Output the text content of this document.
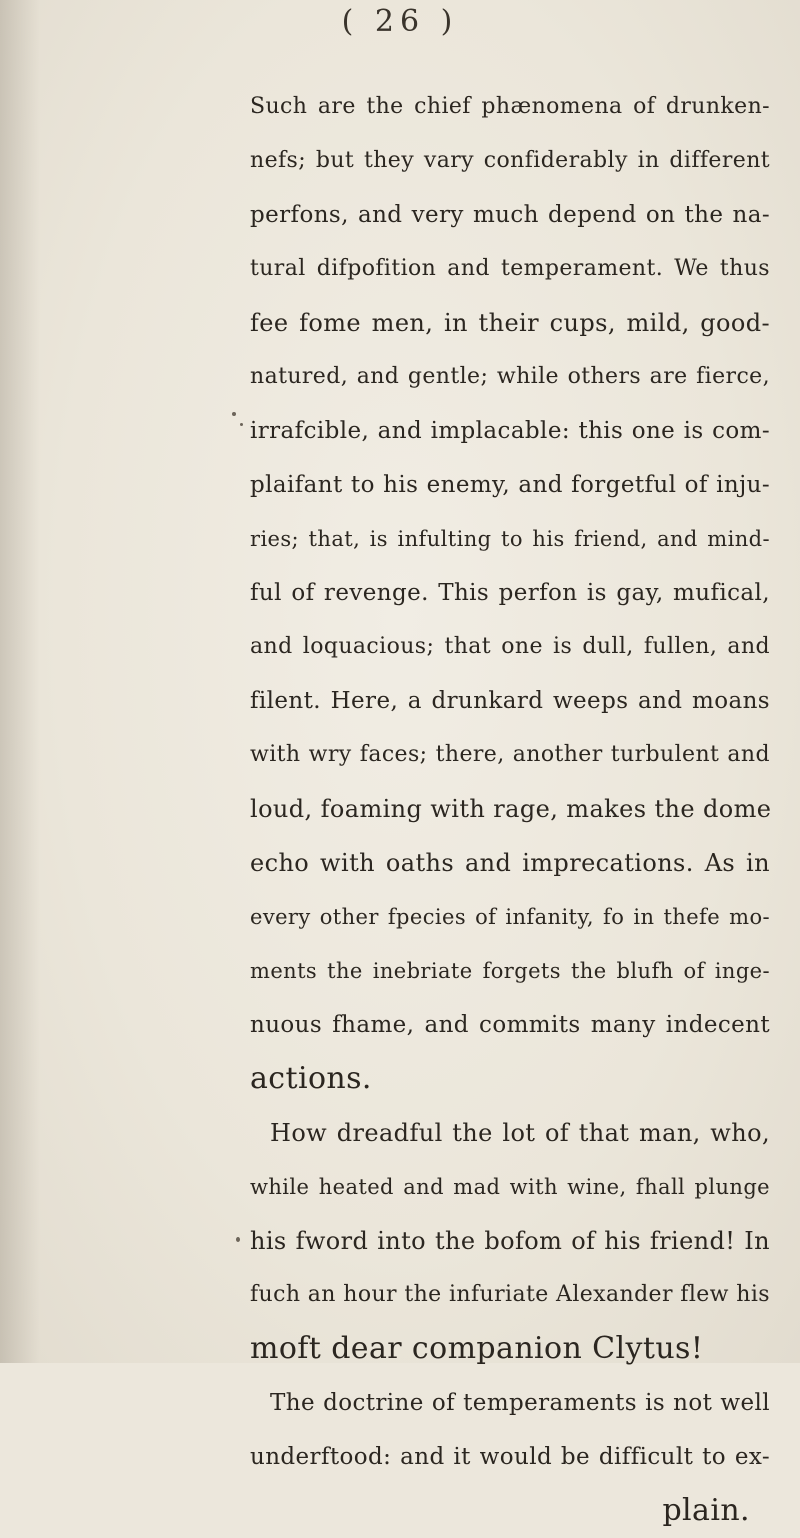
( 26 )
Such are the chief phænomena of drunken-
nefs; but they vary confiderably in different
perfons, and very much depend on the na-
tural difpofition and temperament. We thus
fee fome men, in their cups, mild, good-
natured, and gentle; while others are fierce,
irrafcible, and implacable: this one is com-
plaifant to his enemy, and forgetful of inju-
ries; that, is infulting to his friend, and mind-
ful of revenge. This perfon is gay, mufical,
and loquacious; that one is dull, fullen, and
filent. Here, a drunkard weeps and moans
with wry faces; there, another turbulent and
loud, foaming with rage, makes the dome
echo with oaths and imprecations. As in
every other fpecies of infanity, fo in thefe mo-
ments the inebriate forgets the blufh of inge-
nuous fhame, and commits many indecent
actions.
How dreadful the lot of that man, who,
while heated and mad with wine, fhall plunge
his fword into the bofom of his friend! In
fuch an hour the infuriate Alexander flew his
moft dear companion Clytus!
The doctrine of temperaments is not well
underftood: and it would be difficult to ex-
plain.
